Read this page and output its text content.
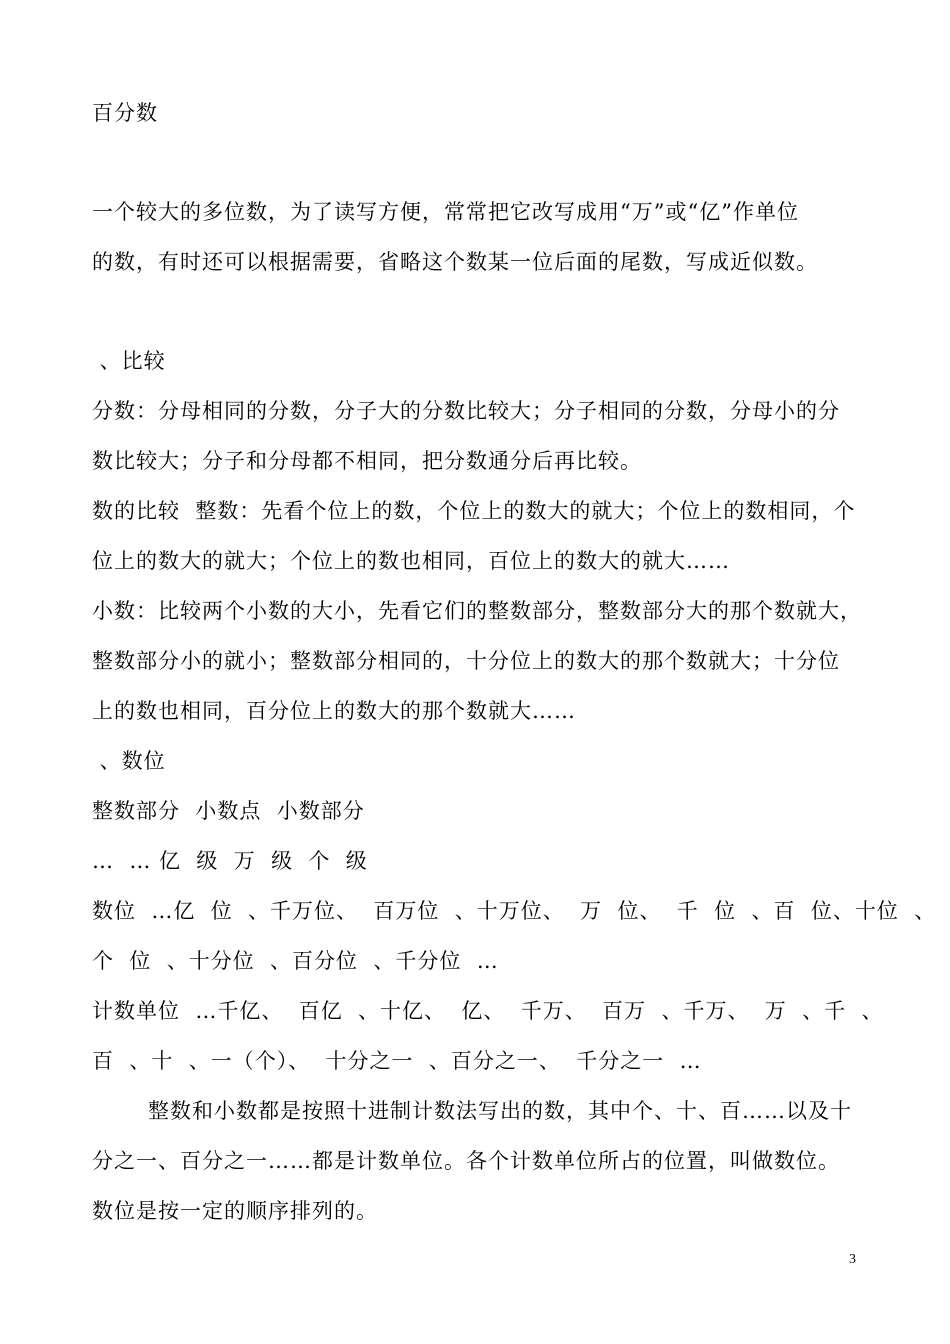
百分数
一个较大的多位数，为了读写方便，常常把它改写成用“万”或“亿”作单位
的数，有时还可以根据需要，省略这个数某一位后面的尾数，写成近似数。
、比较
分数：分母相同的分数，分子大的分数比较大；分子相同的分数，分母小的分
数比较大；分子和分母都不相同，把分数通分后再比较。
数的比较  整数：先看个位上的数，个位上的数大的就大；个位上的数相同，个
位上的数大的就大；个位上的数也相同，百位上的数大的就大……
小数：比较两个小数的大小，先看它们的整数部分，整数部分大的那个数就大，
整数部分小的就小；整数部分相同的，十分位上的数大的那个数就大；十分位
上的数也相同，百分位上的数大的那个数就大……
、数位
整数部分  小数点  小数部分
…  … 亿  级  万  级  个  级
数位  …亿  位  、千万位、  百万位  、十万位、  万  位、  千  位  、百  位、十位  、
个  位  、十分位  、百分位  、千分位  …
计数单位  …千亿、  百亿  、十亿、  亿、  千万、  百万  、千万、  万  、千  、
百  、十  、一（个）、  十分之一  、百分之一、  千分之一  …
整数和小数都是按照十进制计数法写出的数，其中个、十、百……以及十
分之一、百分之一……都是计数单位。各个计数单位所占的位置，叫做数位。
数位是按一定的顺序排列的。
3
